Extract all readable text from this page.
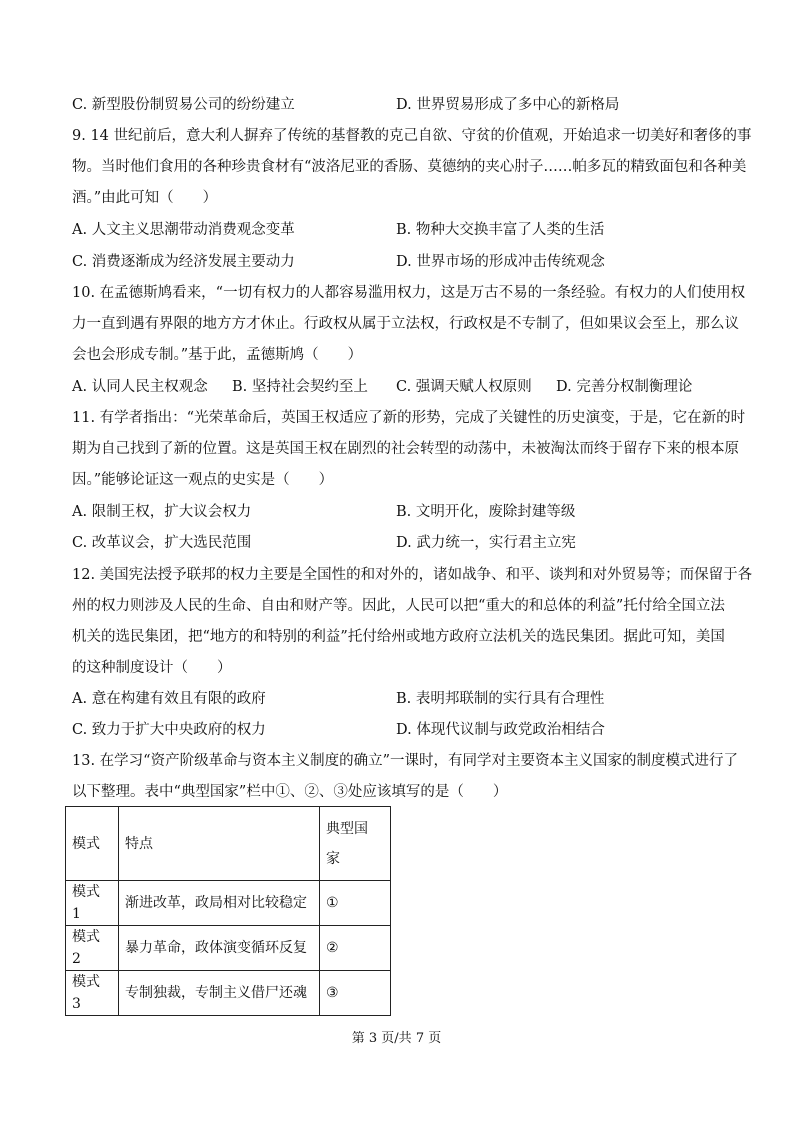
C. 新型股份制贸易公司的纷纷建立	D. 世界贸易形成了多中心的新格局
9. 14 世纪前后，意大利人摒弃了传统的基督教的克己自欲、守贫的价值观，开始追求一切美好和奢侈的事
物。当时他们食用的各种珍贵食材有“波洛尼亚的香肠、莫德纳的夹心肘子……帕多瓦的精致面包和各种美
酒。”由此可知（　　）
A. 人文主义思潮带动消费观念变革	B. 物种大交换丰富了人类的生活
C. 消费逐渐成为经济发展主要动力	D. 世界市场的形成冲击传统观念
10. 在孟德斯鸠看来，“一切有权力的人都容易滥用权力，这是万古不易的一条经验。有权力的人们使用权
力一直到遇有界限的地方方才休止。行政权从属于立法权，行政权是不专制了，但如果议会至上，那么议
会也会形成专制。”基于此，孟德斯鸠（　　）
A. 认同人民主权观念 B. 坚持社会契约至上 C. 强调天赋人权原则 D. 完善分权制衡理论
11. 有学者指出：“光荣革命后，英国王权适应了新的形势，完成了关键性的历史演变，于是，它在新的时
期为自己找到了新的位置。这是英国王权在剧烈的社会转型的动荡中，未被淘汰而终于留存下来的根本原
因。”能够论证这一观点的史实是（　　）
A. 限制王权，扩大议会权力	B. 文明开化，废除封建等级
C. 改革议会，扩大选民范围	D. 武力统一，实行君主立宪
12. 美国宪法授予联邦的权力主要是全国性的和对外的，诸如战争、和平、谈判和对外贸易等；而保留于各
州的权力则涉及人民的生命、自由和财产等。因此，人民可以把“重大的和总体的利益”托付给全国立法
机关的选民集团，把“地方的和特别的利益”托付给州或地方政府立法机关的选民集团。据此可知，美国
的这种制度设计（　　）
A. 意在构建有效且有限的政府	B. 表明邦联制的实行具有合理性
C. 致力于扩大中央政府的权力	D. 体现代议制与政党政治相结合
13. 在学习“资产阶级革命与资本主义制度的确立”一课时，有同学对主要资本主义国家的制度模式进行了
以下整理。表中“典型国家”栏中①、②、③处应该填写的是（　　）
模式	特点	典型国
家

模式 1	渐进改革，政局相对比较稳定	①
模式 2	暴力革命，政体演变循环反复	②
模式 3	专制独裁，专制主义借尸还魂	③
第 3 页/共 7 页
